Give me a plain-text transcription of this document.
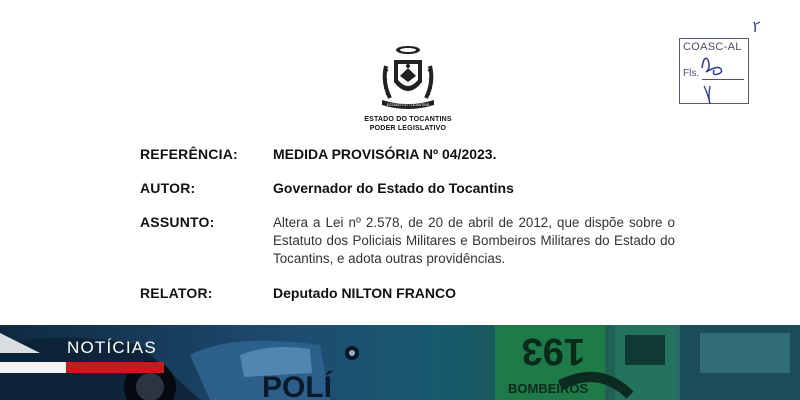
ESTADO DO TOCANTINS
ESTADO DO TOCANTINS
PODER LEGISLATIVO
COASC-AL
Fls.
REFERÊNCIA:	MEDIDA PROVISÓRIA Nº 04/2023.
AUTOR:	Governador do Estado do Tocantins
ASSUNTO:	Altera a Lei nº 2.578, de 20 de abril de 2012, que dispõe sobre o Estatuto dos Policiais Militares e Bombeiros Militares do Estado do Tocantins, e adota outras providências.
RELATOR:	Deputado NILTON FRANCO
POLÍ
193
BOMBEIROS
NOTÍCIAS
